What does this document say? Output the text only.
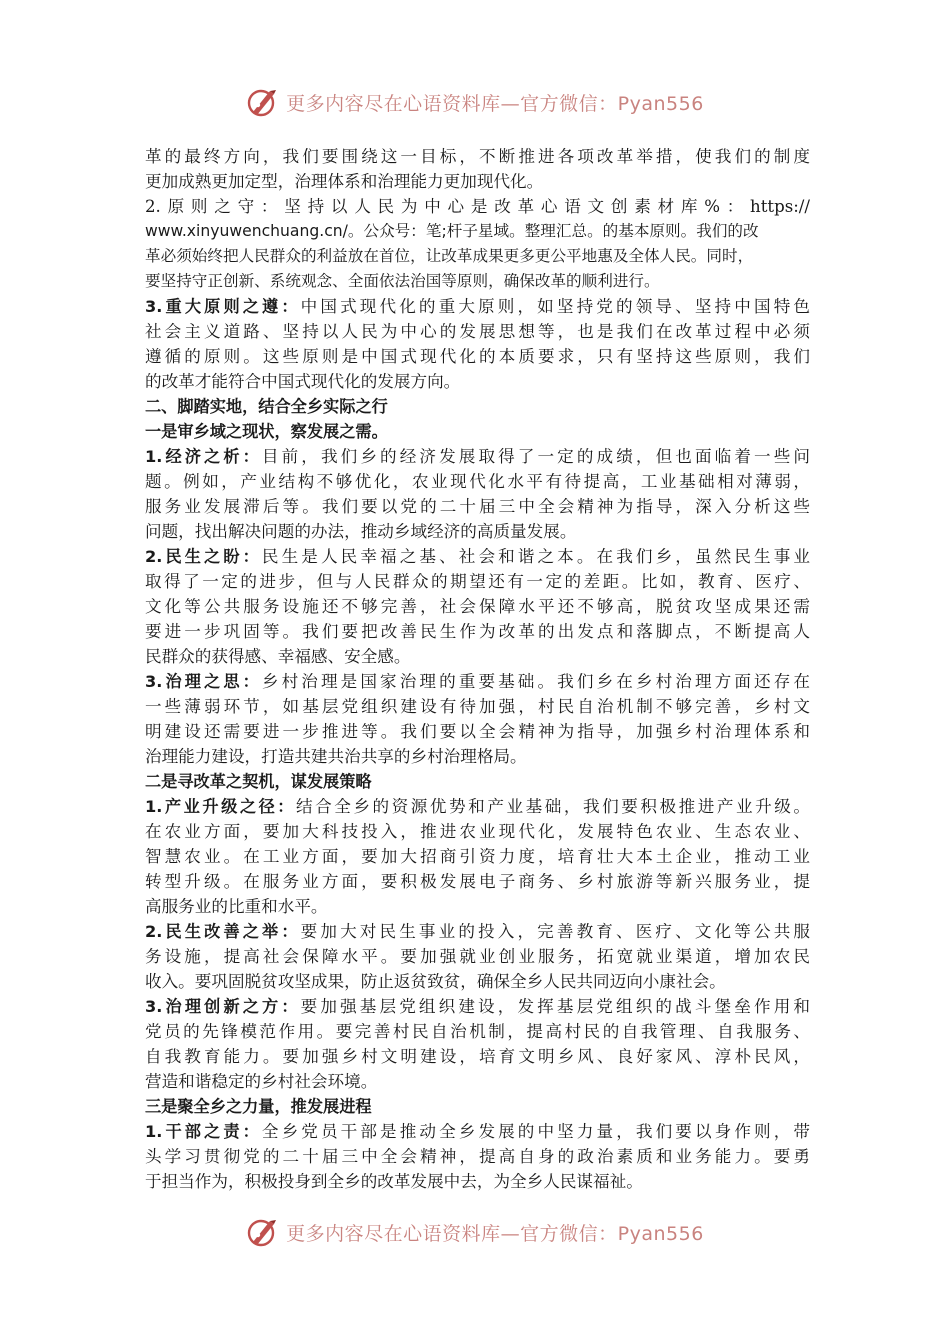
更多内容尽在心语资料库—官方微信：Pyan556
革的最终方向，我们要围绕这一目标，不断推进各项改革举措，使我们的制度
更加成熟更加定型，治理体系和治理能力更加现代化。
2.原则之守：坚持以人民为中心是改革心语文创素材库%：https://
www.xinyuwenchuang.cn/。公众号：笔;杆子星域。整理汇总。的基本原则。我们的改
革必须始终把人民群众的利益放在首位，让改革成果更多更公平地惠及全体人民。同时，
要坚持守正创新、系统观念、全面依法治国等原则，确保改革的顺利进行。
3.重大原则之遵：中国式现代化的重大原则，如坚持党的领导、坚持中国特色
社会主义道路、坚持以人民为中心的发展思想等，也是我们在改革过程中必须
遵循的原则。这些原则是中国式现代化的本质要求，只有坚持这些原则，我们
的改革才能符合中国式现代化的发展方向。
二、脚踏实地，结合全乡实际之行
一是审乡域之现状，察发展之需。
1.经济之析：目前，我们乡的经济发展取得了一定的成绩，但也面临着一些问
题。例如，产业结构不够优化，农业现代化水平有待提高，工业基础相对薄弱，
服务业发展滞后等。我们要以党的二十届三中全会精神为指导，深入分析这些
问题，找出解决问题的办法，推动乡域经济的高质量发展。
2.民生之盼：民生是人民幸福之基、社会和谐之本。在我们乡，虽然民生事业
取得了一定的进步，但与人民群众的期望还有一定的差距。比如，教育、医疗、
文化等公共服务设施还不够完善，社会保障水平还不够高，脱贫攻坚成果还需
要进一步巩固等。我们要把改善民生作为改革的出发点和落脚点，不断提高人
民群众的获得感、幸福感、安全感。
3.治理之思：乡村治理是国家治理的重要基础。我们乡在乡村治理方面还存在
一些薄弱环节，如基层党组织建设有待加强，村民自治机制不够完善，乡村文
明建设还需要进一步推进等。我们要以全会精神为指导，加强乡村治理体系和
治理能力建设，打造共建共治共享的乡村治理格局。
二是寻改革之契机，谋发展策略
1.产业升级之径：结合全乡的资源优势和产业基础，我们要积极推进产业升级。
在农业方面，要加大科技投入，推进农业现代化，发展特色农业、生态农业、
智慧农业。在工业方面，要加大招商引资力度，培育壮大本土企业，推动工业
转型升级。在服务业方面，要积极发展电子商务、乡村旅游等新兴服务业，提
高服务业的比重和水平。
2.民生改善之举：要加大对民生事业的投入，完善教育、医疗、文化等公共服
务设施，提高社会保障水平。要加强就业创业服务，拓宽就业渠道，增加农民
收入。要巩固脱贫攻坚成果，防止返贫致贫，确保全乡人民共同迈向小康社会。
3.治理创新之方：要加强基层党组织建设，发挥基层党组织的战斗堡垒作用和
党员的先锋模范作用。要完善村民自治机制，提高村民的自我管理、自我服务、
自我教育能力。要加强乡村文明建设，培育文明乡风、良好家风、淳朴民风，
营造和谐稳定的乡村社会环境。
三是聚全乡之力量，推发展进程
1.干部之责：全乡党员干部是推动全乡发展的中坚力量，我们要以身作则，带
头学习贯彻党的二十届三中全会精神，提高自身的政治素质和业务能力。要勇
于担当作为，积极投身到全乡的改革发展中去，为全乡人民谋福祉。
更多内容尽在心语资料库—官方微信：Pyan556
